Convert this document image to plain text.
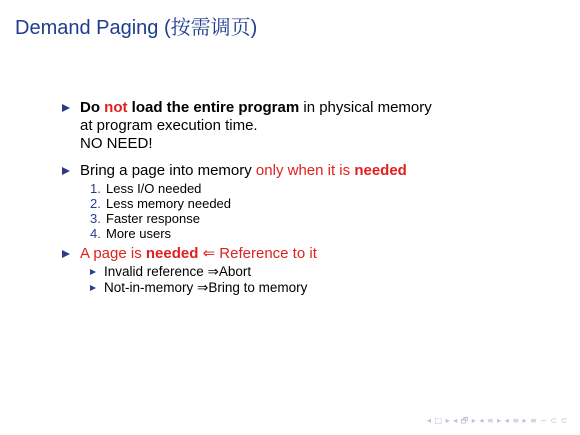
Demand Paging (按需调页)
Do not load the entire program in physical memory
at program execution time.
NO NEED!
Bring a page into memory only when it is needed
1. Less I/O needed
2. Less memory needed
3. Faster response
4. More users
A page is needed ⇐ Reference to it
Invalid reference ⇒Abort
Not-in-memory ⇒Bring to memory
◂ □ ▸ ◂ 🗗 ▸ ◂ ≡ ▸ ◂ ≡ ▸ ≡ ∽ ⊂ ⊂
